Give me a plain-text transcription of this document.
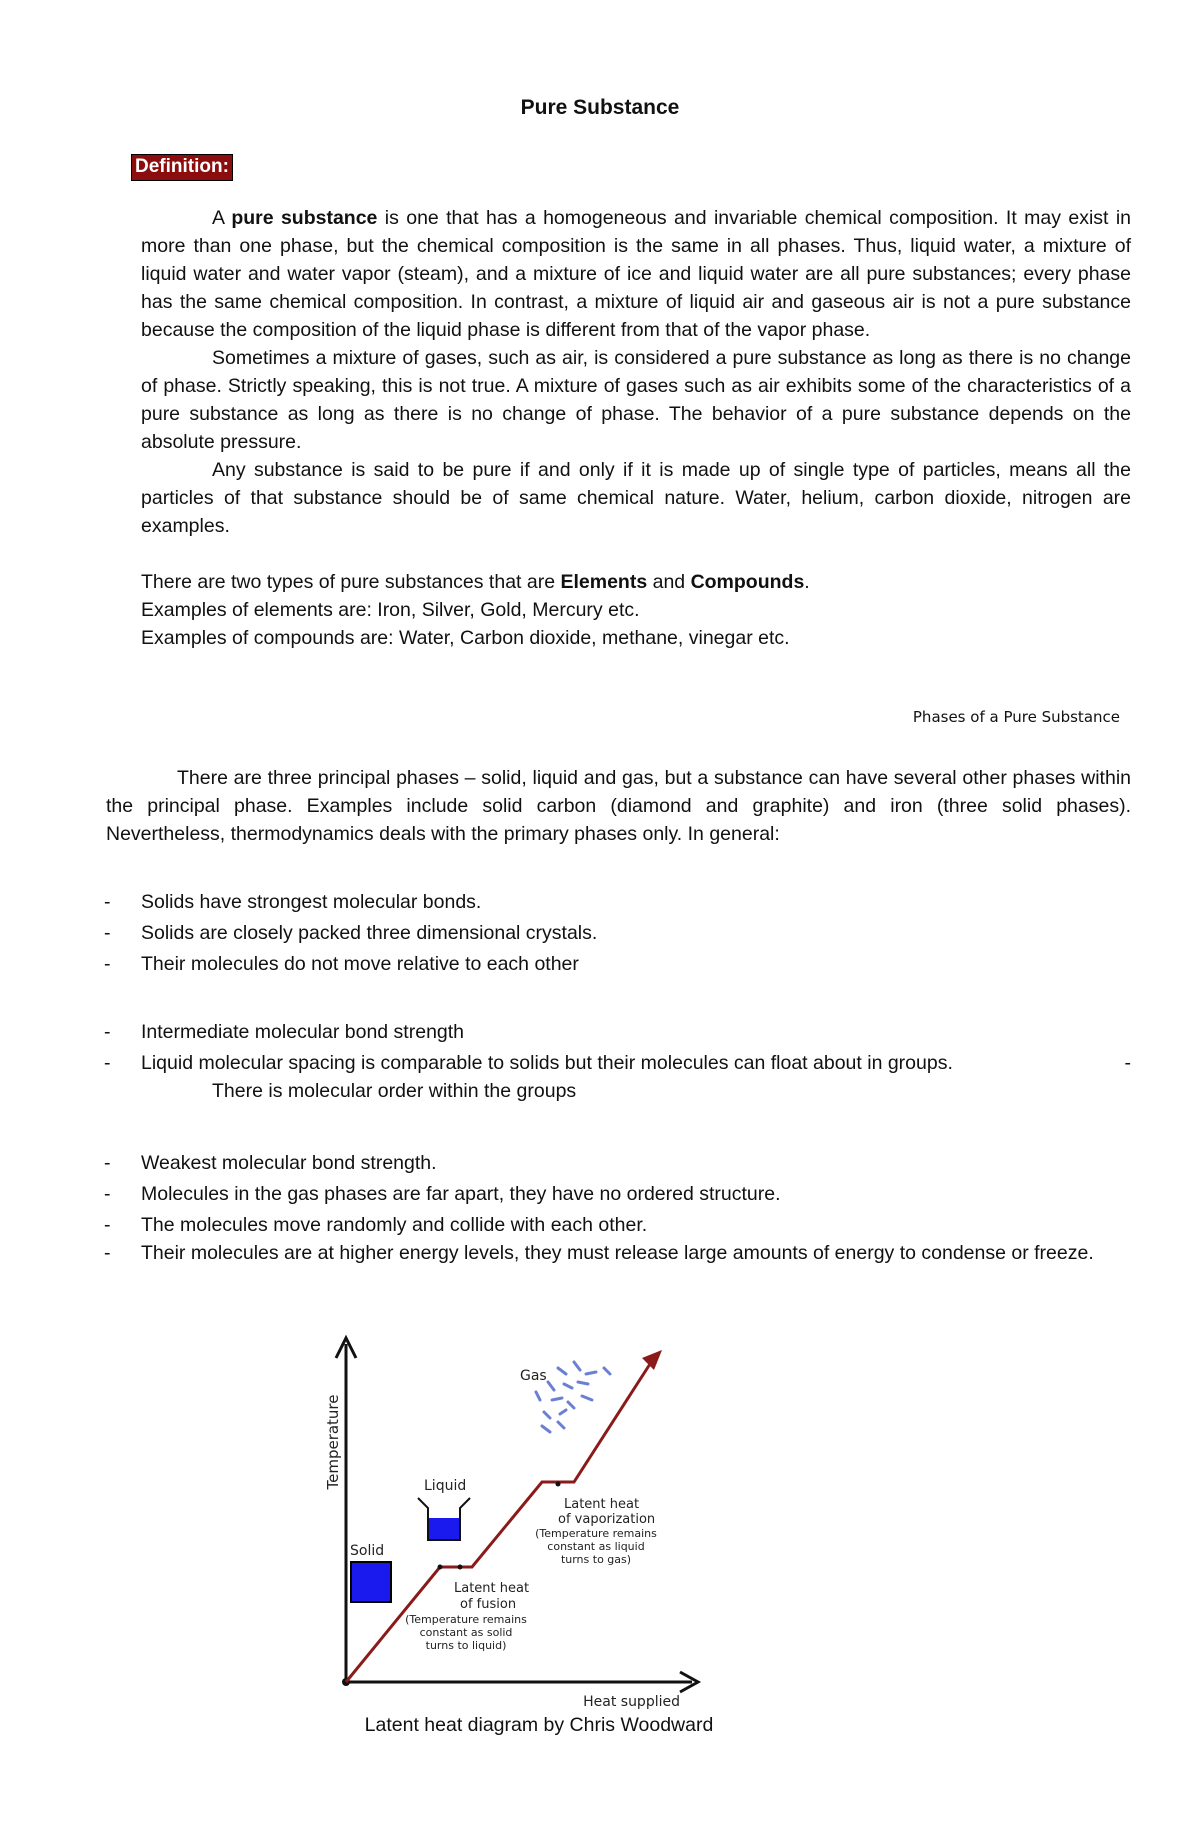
Pure Substance
Definition:

A pure substance is one that has a homogeneous and invariable chemical composition. It may exist in more than one phase, but the chemical composition is the same in all phases. Thus, liquid water, a mixture of liquid water and water vapor (steam), and a mixture of ice and liquid water are all pure substances; every phase has the same chemical composition. In contrast, a mixture of liquid air and gaseous air is not a pure substance because the composition of the liquid phase is different from that of the vapor phase.

Sometimes a mixture of gases, such as air, is considered a pure substance as long as there is no change of phase. Strictly speaking, this is not true. A mixture of gases such as air exhibits some of the characteristics of a pure substance as long as there is no change of phase. The behavior of a pure substance depends on the absolute pressure.

Any substance is said to be pure if and only if it is made up of single type of particles, means all the particles of that substance should be of same chemical nature. Water, helium, carbon dioxide, nitrogen are examples.

There are two types of pure substances that are Elements and Compounds.

Examples of elements are: Iron, Silver, Gold, Mercury etc.

Examples of compounds are: Water, Carbon dioxide, methane, vinegar etc.

Phases of a Pure Substance

There are three principal phases – solid, liquid and gas, but a substance can have several other phases within the principal phase. Examples include solid carbon (diamond and graphite) and iron (three solid phases). Nevertheless, thermodynamics deals with the primary phases only. In general:

- Solids have strongest molecular bonds.
- Solids are closely packed three dimensional crystals.
- Their molecules do not move relative to each other
- Intermediate molecular bond strength
- Liquid molecular spacing is comparable to solids but their molecules can float about in groups.	-

There is molecular order within the groups
- Weakest molecular bond strength.
- Molecules in the gas phases are far apart, they have no ordered structure.
- The molecules move randomly and collide with each other.
- Their molecules are at higher energy levels, they must release large amounts of energy to condense or freeze.
Temperature
Heat supplied
Solid
Liquid
Gas
Latent heat
of fusion
(Temperature remains
constant as solid
turns to liquid)
Latent heat
of vaporization
(Temperature remains
constant as liquid
turns to gas)
Latent heat diagram by Chris Woodward
